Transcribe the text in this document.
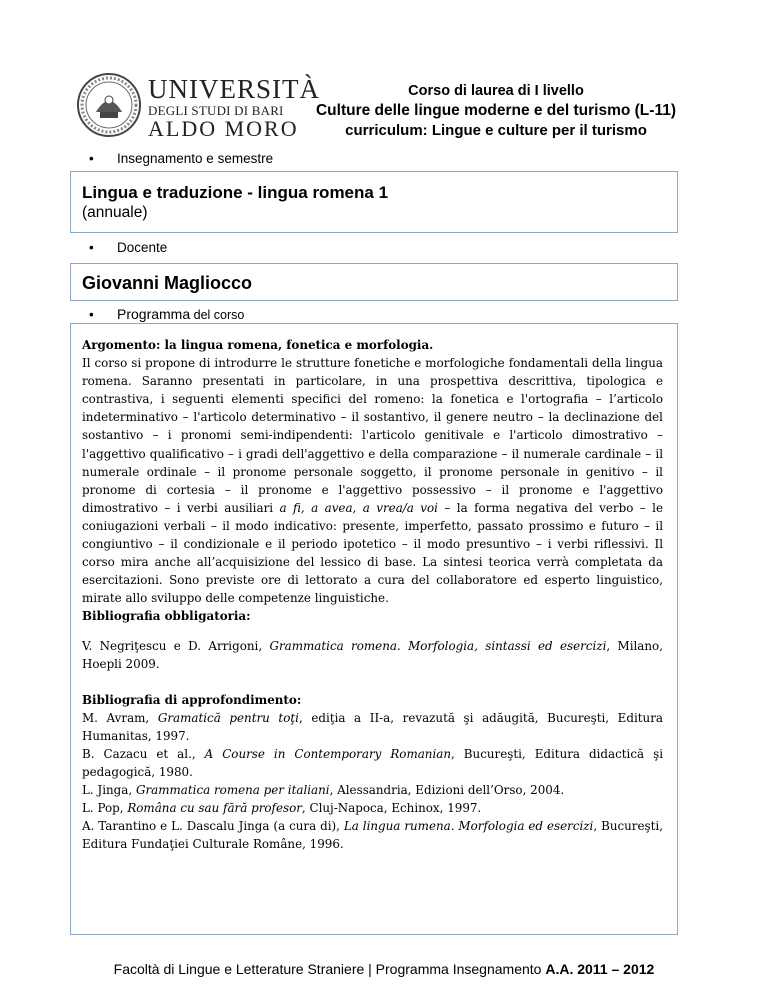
UNIVERSITÀ
DEGLI STUDI DI BARI
ALDO MORO
Corso di laurea di I livello
Culture delle lingue moderne e del turismo (L-11)
curriculum: Lingue e culture per il turismo
• Insegnamento e semestre
Lingua e traduzione - lingua romena 1
(annuale)
• Docente
Giovanni Magliocco
• Programma del corso

Argomento: la lingua romena, fonetica e morfologia.

Il corso si propone di introdurre le strutture fonetiche e morfologiche fondamentali della lingua romena. Saranno presentati in particolare, in una prospettiva descrittiva, tipologica e contrastiva, i seguenti elementi specifici del romeno: la fonetica e l'ortografia – l’articolo indeterminativo – l'articolo determinativo – il sostantivo, il genere neutro – la declinazione del sostantivo – i pronomi semi-indipendenti: l'articolo genitivale e l'articolo dimostrativo – l'aggettivo qualificativo – i gradi dell'aggettivo e della comparazione – il numerale cardinale – il numerale ordinale – il pronome personale soggetto, il pronome personale in genitivo – il pronome di cortesia – il pronome e l'aggettivo possessivo – il pronome e l'aggettivo dimostrativo – i verbi ausiliari a fi, a avea, a vrea/a voi – la forma negativa del verbo – le coniugazioni verbali – il modo indicativo: presente, imperfetto, passato prossimo e futuro – il congiuntivo – il condizionale e il periodo ipotetico – il modo presuntivo – i verbi riflessivi. Il corso mira anche all’acquisizione del lessico di base. La sintesi teorica verrà completata da esercitazioni. Sono previste ore di lettorato a cura del collaboratore ed esperto linguistico, mirate allo sviluppo delle competenze linguistiche.

Bibliografia obbligatoria:

V. Negriţescu e D. Arrigoni, Grammatica romena. Morfologia, sintassi ed esercizi, Milano, Hoepli 2009.

Bibliografia di approfondimento:

M. Avram, Gramatică pentru toţi, ediţia a II-a, revazută şi adăugită, Bucureşti, Editura Humanitas, 1997.

B. Cazacu et al., A Course in Contemporary Romanian, Bucureşti, Editura didactică şi pedagogică, 1980.

L. Jinga, Grammatica romena per italiani, Alessandria, Edizioni dell’Orso, 2004.

L. Pop, Româna cu sau fără profesor, Cluj-Napoca, Echinox, 1997.

A. Tarantino e L. Dascalu Jinga (a cura di), La lingua rumena. Morfologia ed esercizi, Bucureşti, Editura Fundaţiei Culturale Române, 1996.

Facoltà di Lingue e Letterature Straniere | Programma Insegnamento A.A. 2011 – 2012
